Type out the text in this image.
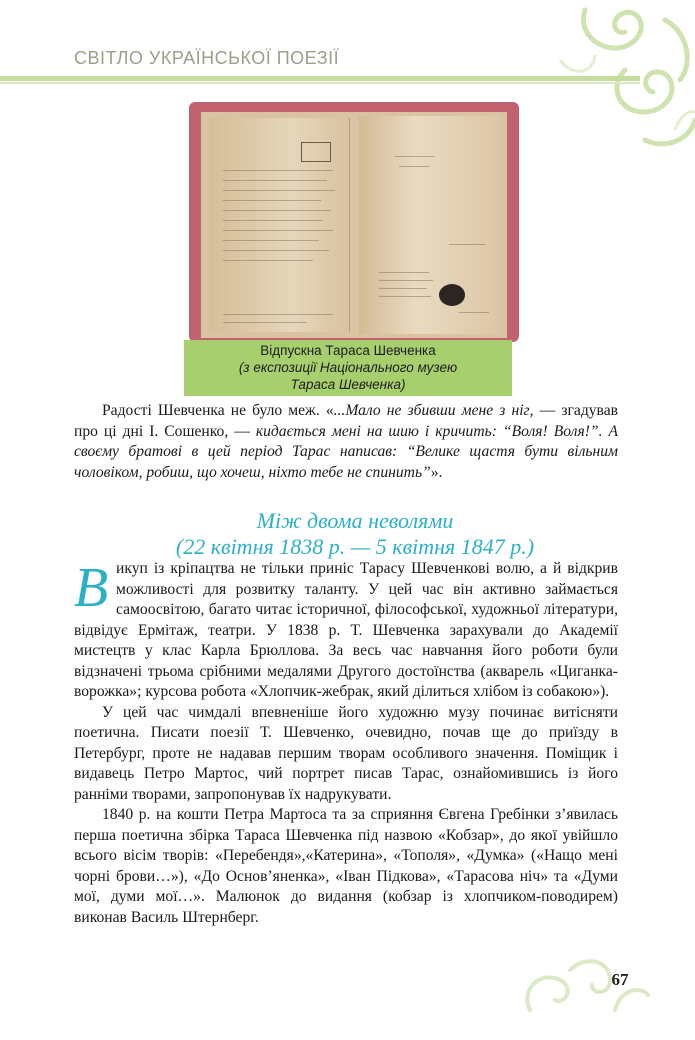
СВІТЛО УКРАЇНСЬКОЇ ПОЕЗІЇ
Відпускна Тараса Шевченка
(з експозиції Національного музею
Тараса Шевченка)

Радості Шевченка не було меж. «...Мало не збивши мене з ніг, — згадував про ці дні І. Сошенко, — кидається мені на шию і кричить: “Воля! Воля!”. А своєму братові в цей період Тарас написав: “Велике щастя бути вільним чоловіком, робиш, що хочеш, ніхто тебе не спинить”».

Між двома неволями
(22 квітня 1838 р. — 5 квітня 1847 р.)

Викуп із кріпацтва не тільки приніс Тарасу Шевченкові волю, а й відкрив можливості для розвитку таланту. У цей час він активно займається самоосвітою, багато читає історичної, філософської, художньої літератури, відвідує Ермітаж, театри. У 1838 р. Т. Шевченка зарахували до Академії мистецтв у клас Карла Брюллова. За весь час навчання його роботи були відзначені трьома срібними медалями Другого достоїнства (акварель «Циганка-ворожка»; курсова робота «Хлопчик-жебрак, який ділиться хлібом із собакою»).

У цей час чимдалі впевненіше його художню музу починає витісняти поетична. Писати поезії Т. Шевченко, очевидно, почав ще до приїзду в Петербург, проте не надавав першим творам особливого значення. Поміщик і видавець Петро Мартос, чий портрет писав Тарас, ознайомившись із його ранніми творами, запропонував їх надрукувати.

1840 р. на кошти Петра Мартоса та за сприяння Євгена Гребінки з’явилась перша поетична збірка Тараса Шевченка під назвою «Кобзар», до якої увійшло всього вісім творів: «Перебендя»,«Катерина», «Тополя», «Думка» («Нащо мені чорні брови…»), «До Основ’яненка», «Іван Підкова», «Тарасова ніч» та «Думи мої, думи мої…». Малюнок до видання (кобзар із хлопчиком-поводирем) виконав Василь Штернберг.

67
